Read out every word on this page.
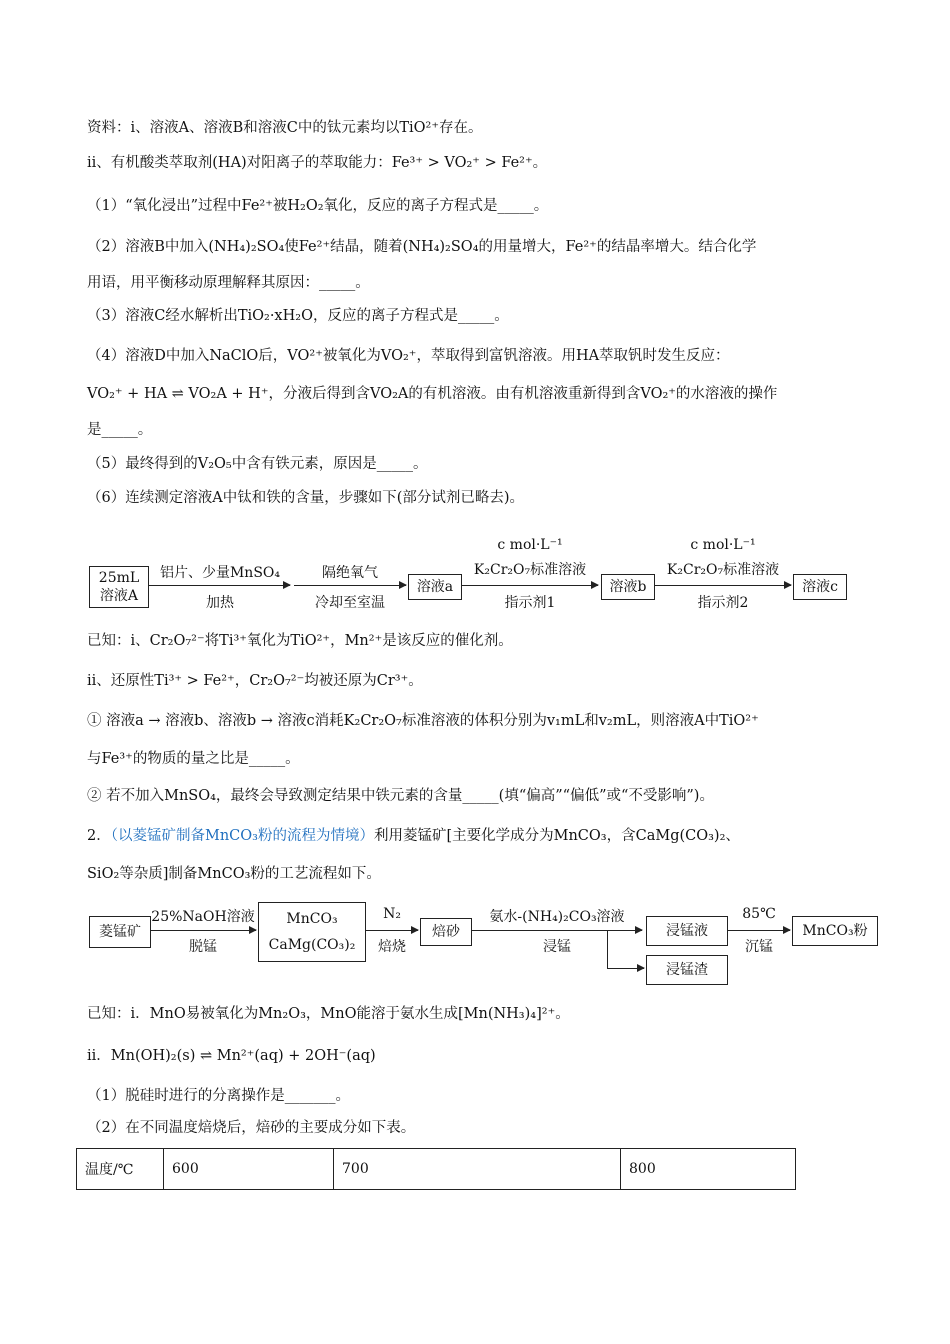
资料：ⅰ、溶液A、溶液B和溶液C中的钛元素均以TiO²⁺存在。
ⅱ、有机酸类萃取剂(HA)对阳离子的萃取能力：Fe³⁺ > VO₂⁺ > Fe²⁺。
（1）“氧化浸出”过程中Fe²⁺被H₂O₂氧化，反应的离子方程式是_____。
（2）溶液B中加入(NH₄)₂SO₄使Fe²⁺结晶，随着(NH₄)₂SO₄的用量增大，Fe²⁺的结晶率增大。结合化学
用语，用平衡移动原理解释其原因：_____。
（3）溶液C经水解析出TiO₂·xH₂O，反应的离子方程式是_____。
（4）溶液D中加入NaClO后，VO²⁺被氧化为VO₂⁺，萃取得到富钒溶液。用HA萃取钒时发生反应：
VO₂⁺ + HA ⇌ VO₂A + H⁺，分液后得到含VO₂A的有机溶液。由有机溶液重新得到含VO₂⁺的水溶液的操作
是_____。
（5）最终得到的V₂O₅中含有铁元素，原因是_____。
（6）连续测定溶液A中钛和铁的含量，步骤如下(部分试剂已略去)。
25mL
溶液A
铝片、少量MnSO₄
加热
隔绝氧气
冷却至室温
溶液a
c mol·L⁻¹
K₂Cr₂O₇标准溶液
指示剂1
溶液b
c mol·L⁻¹
K₂Cr₂O₇标准溶液
指示剂2
溶液c
已知：ⅰ、Cr₂O₇²⁻将Ti³⁺氧化为TiO²⁺，Mn²⁺是该反应的催化剂。
ⅱ、还原性Ti³⁺ > Fe²⁺，Cr₂O₇²⁻均被还原为Cr³⁺。
① 溶液a → 溶液b、溶液b → 溶液c消耗K₂Cr₂O₇标准溶液的体积分别为v₁mL和v₂mL，则溶液A中TiO²⁺
与Fe³⁺的物质的量之比是_____。
② 若不加入MnSO₄，最终会导致测定结果中铁元素的含量_____(填“偏高”“偏低”或“不受影响”)。
2．（以菱锰矿制备MnCO₃粉的流程为情境）利用菱锰矿[主要化学成分为MnCO₃，含CaMg(CO₃)₂、
SiO₂等杂质]制备MnCO₃粉的工艺流程如下。
菱锰矿
25%NaOH溶液
脱锰
MnCO₃
CaMg(CO₃)₂
N₂
焙烧
焙砂
氨水-(NH₄)₂CO₃溶液
浸锰
浸锰液
浸锰渣
85℃
沉锰
MnCO₃粉
已知：i．MnO易被氧化为Mn₂O₃，MnO能溶于氨水生成[Mn(NH₃)₄]²⁺。
ii．Mn(OH)₂(s) ⇌ Mn²⁺(aq) + 2OH⁻(aq)
（1）脱硅时进行的分离操作是_______。
（2）在不同温度焙烧后，焙砂的主要成分如下表。
温度/℃	600	700	800
